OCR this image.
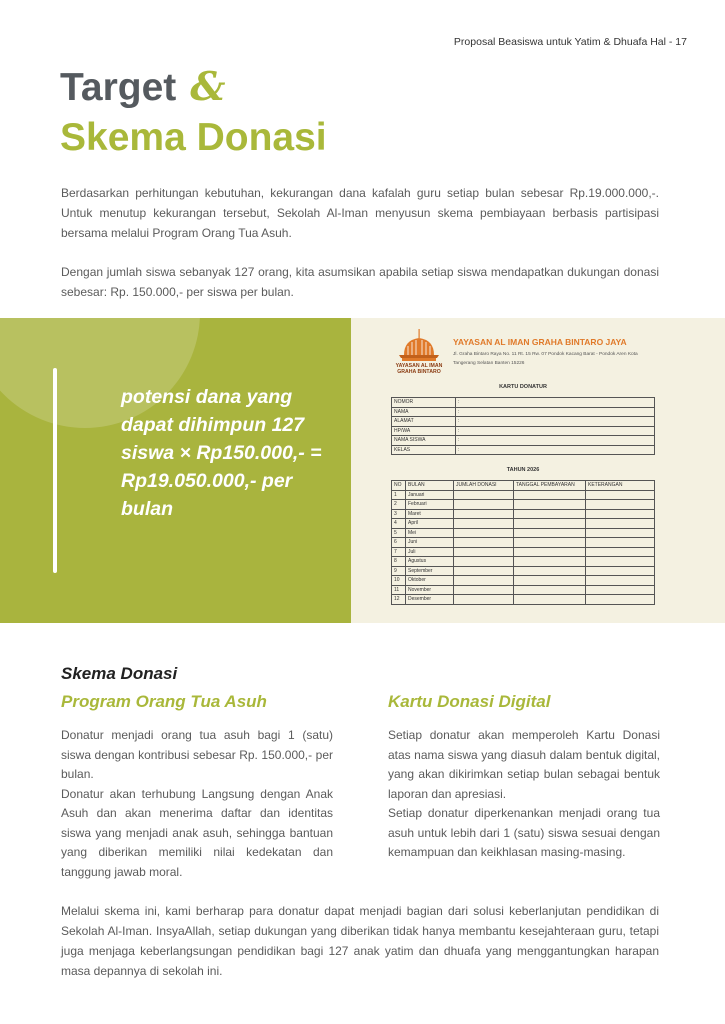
Proposal Beasiswa untuk Yatim & Dhuafa Hal - 17
Target &
Skema Donasi

Berdasarkan perhitungan kebutuhan, kekurangan dana kafalah guru setiap bulan sebesar Rp.19.000.000,-. Untuk menutup kekurangan tersebut, Sekolah Al-Iman menyusun skema pembiayaan berbasis partisipasi bersama melalui Program Orang Tua Asuh.

Dengan jumlah siswa sebanyak 127 orang, kita asumsikan apabila setiap siswa mendapatkan dukungan donasi sebesar: Rp. 150.000,- per siswa per bulan.

potensi dana yang dapat dihimpun 127 siswa × Rp150.000,- = Rp19.050.000,- per bulan
YAYASAN AL IMAN
GRAHA BINTARO
YAYASAN AL IMAN GRAHA BINTARO JAYA
Jl. Graha Bintaro Raya No. 11 Rt. 15 Rw. 07 Pondok Kacang Barat - Pondok Aren Kota Tangerang Selatan Banten 15226
KARTU DONATUR
NOMOR	:
NAMA	:
ALAMAT	:
HP/WA	:
NAMA SISWA	:
KELAS	:
TAHUN 2026
NO	BULAN	JUMLAH DONASI	TANGGAL PEMBAYARAN	KETERANGAN
1	Januari			
2	Februari			
3	Maret			
4	April			
5	Mei			
6	Juni			
7	Juli			
8	Agustus			
9	September			
10	Oktober			
11	November			
12	Desember			
Skema Donasi
Program Orang Tua Asuh	Kartu Donasi Digital

Donatur menjadi orang tua asuh bagi 1 (satu) siswa dengan kontribusi sebesar Rp. 150.000,- per bulan.

Donatur akan terhubung Langsung dengan Anak Asuh dan akan menerima daftar dan identitas siswa yang menjadi anak asuh, sehingga bantuan yang diberikan memiliki nilai kedekatan dan tanggung jawab moral.

Setiap donatur akan memperoleh Kartu Donasi atas nama siswa yang diasuh dalam bentuk digital, yang akan dikirimkan setiap bulan sebagai bentuk laporan dan apresiasi.

Setiap donatur diperkenankan menjadi orang tua asuh untuk lebih dari 1 (satu) siswa sesuai dengan kemampuan dan keikhlasan masing-masing.

Melalui skema ini, kami berharap para donatur dapat menjadi bagian dari solusi keberlanjutan pendidikan di Sekolah Al-Iman. InsyaAllah, setiap dukungan yang diberikan tidak hanya membantu kesejahteraan guru, tetapi juga menjaga keberlangsungan pendidikan bagi 127 anak yatim dan dhuafa yang menggantungkan harapan masa depannya di sekolah ini.
